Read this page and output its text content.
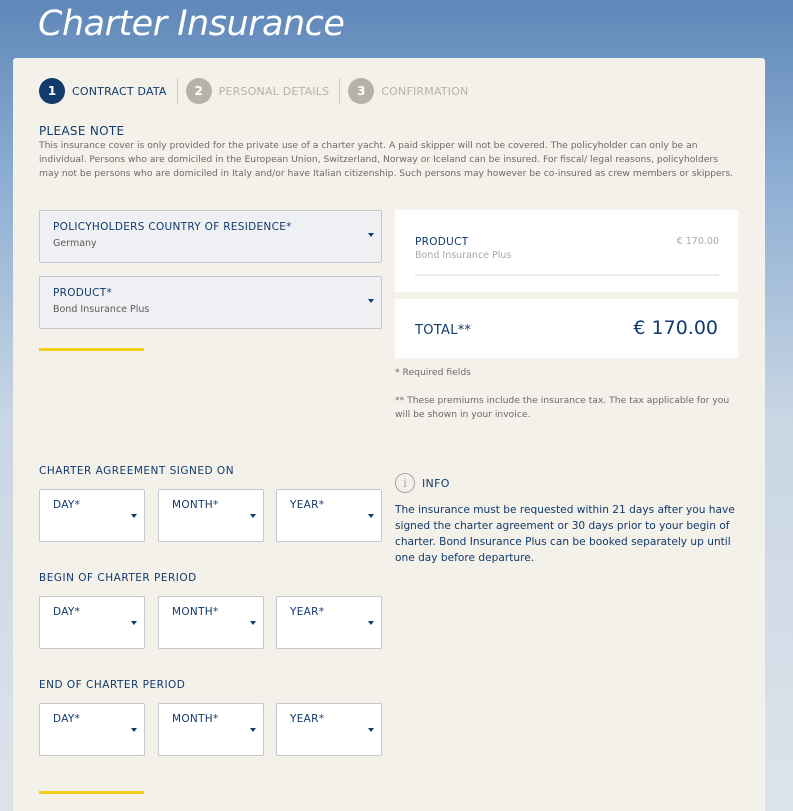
Charter Insurance
1	CONTRACT DATA	2	PERSONAL DETAILS	3	CONFIRMATION
PLEASE NOTE
This insurance cover is only provided for the private use of a charter yacht. A paid skipper will not be covered. The policyholder can only be an individual. Persons who are domiciled in the European Union, Switzerland, Norway or Iceland can be insured. For fiscal/ legal reasons, policyholders may not be persons who are domiciled in Italy and/or have Italian citizenship. Such persons may however be co-insured as crew members or skippers.
POLICYHOLDERS COUNTRY OF RESIDENCE*
Germany
PRODUCT*
Bond Insurance Plus
PRODUCT
Bond Insurance Plus
€ 170.00
TOTAL**	€ 170.00
* Required fields
** These premiums include the insurance tax. The tax applicable for you will be shown in your invoice.
CHARTER AGREEMENT SIGNED ON
DAY*	MONTH*	YEAR*
BEGIN OF CHARTER PERIOD
DAY*	MONTH*	YEAR*
END OF CHARTER PERIOD
DAY*	MONTH*	YEAR*
i	INFO
The insurance must be requested within 21 days after you have signed the charter agreement or 30 days prior to your begin of charter. Bond Insurance Plus can be booked separately up until one day before departure.
